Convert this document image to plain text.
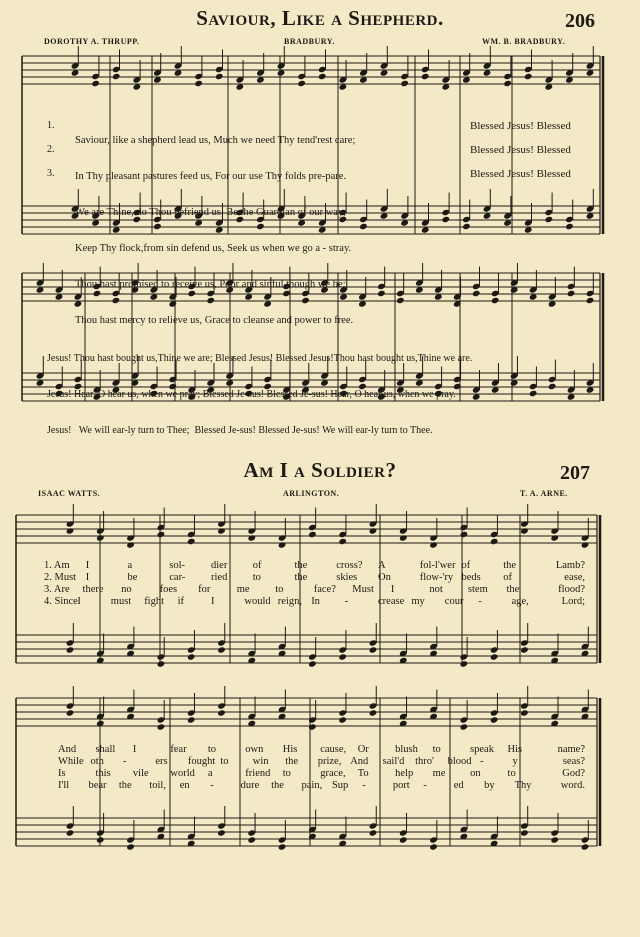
Saviour, Like a Shepherd.	206
DOROTHY A. THRUPP.	BRADBURY.	WM. B. BRADBURY.
1.
2.
3.

Saviour, like a shepherd lead us, Much we need Thy tend'rest care;

In Thy pleasant pastures feed us, For our use Thy folds pre-pare.

We are Thine, do Thou befriend us, Be the Guardian of our way;

Keep Thy flock,from sin defend us, Seek us when we go a - stray.

Thou hast promised to receive us, Poor and sinful though we be;

Thou hast mercy to relieve us, Grace to cleanse and power to free.

Blessed Jesus! Blessed
Blessed Jesus! Blessed
Blessed Jesus! Blessed

Jesus! Thou hast bought us,Thine we are; Blessed Jesus! Blessed Jesus!Thou hast bought us,Thine we are.

Jesus! Hear, O hear us, when we pray; Blessed Je-sus! Blessed Je-sus! Hear, O hear us, when we pray.

Jesus!   We will ear-ly turn to Thee;  Blessed Je-sus! Blessed Je-sus! We will ear-ly turn to Thee.

Am I a Soldier?	207
ISAAC WATTS.	ARLINGTON.	T. A. ARNE.
1. Am I	a	sol- dier of	the	cross? A	fol-l'wer of	the	Lamb?
2. Must I	be	car- ried to	the	skies On	flow-'ry beds of	ease,
3. Are there no	foes for	me to	face? Must I	not stem the	flood?
4. Since I	must fight if	I	would reign, In -	crease my cour -	age,	Lord;
And shall I	fear to	own His cause, Or	blush to	speak His	name?
While oth -	ers fought to win the prize, And sail'd thro' blood -	y	seas?
Is	this vile world a	friend to	grace, To	help me on	to	God?
I'll bear the toil, en -	dure the pain, Sup -	port -	ed by Thy	word.
